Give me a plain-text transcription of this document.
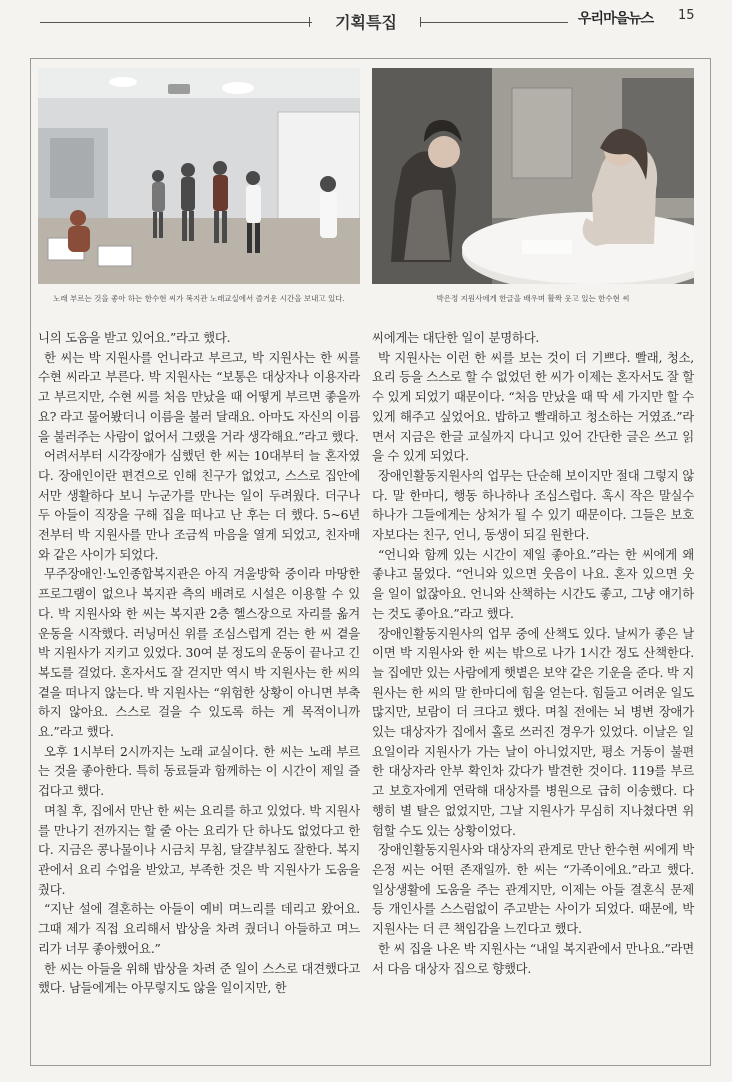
기획특집	우리마을뉴스 15
노래 부르는 것을 좋아 하는 한수현 씨가 복지관 노래교실에서 즐거운 시간을 보내고 있다.	박은정 지원사에게 한글을 배우며 활짝 웃고 있는 한수현 씨

니의 도움을 받고 있어요.”라고 했다.

한 씨는 박 지원사를 언니라고 부르고, 박 지원사는 한 씨를 수현 씨라고 부른다. 박 지원사는 “보통은 대상자나 이용자라고 부르지만, 수현 씨를 처음 만났을 때 어떻게 부르면 좋을까요? 라고 물어봤더니 이름을 불러 달래요. 아마도 자신의 이름을 불러주는 사람이 없어서 그랬을 거라 생각해요.”라고 했다.

어려서부터 시각장애가 심했던 한 씨는 10대부터 늘 혼자였다. 장애인이란 편견으로 인해 친구가 없었고, 스스로 집안에서만 생활하다 보니 누군가를 만나는 일이 두려웠다. 더구나 두 아들이 직장을 구해 집을 떠나고 난 후는 더 했다. 5~6년 전부터 박 지원사를 만나 조금씩 마음을 열게 되었고, 친자매와 같은 사이가 되었다.

무주장애인·노인종합복지관은 아직 겨울방학 중이라 마땅한 프로그램이 없으나 복지관 측의 배려로 시설은 이용할 수 있다. 박 지원사와 한 씨는 복지관 2층 헬스장으로 자리를 옮겨 운동을 시작했다. 러닝머신 위를 조심스럽게 걷는 한 씨 곁을 박 지원사가 지키고 있었다. 30여 분 정도의 운동이 끝나고 긴 복도를 걸었다. 혼자서도 잘 걷지만 역시 박 지원사는 한 씨의 곁을 떠나지 않는다. 박 지원사는 “위험한 상황이 아니면 부축하지 않아요. 스스로 걸을 수 있도록 하는 게 목적이니까요.”라고 했다.

오후 1시부터 2시까지는 노래 교실이다. 한 씨는 노래 부르는 것을 좋아한다. 특히 동료들과 함께하는 이 시간이 제일 즐겁다고 했다.

며칠 후, 집에서 만난 한 씨는 요리를 하고 있었다. 박 지원사를 만나기 전까지는 할 줄 아는 요리가 단 하나도 없었다고 한다. 지금은 콩나물이나 시금치 무침, 달걀부침도 잘한다. 복지관에서 요리 수업을 받았고, 부족한 것은 박 지원사가 도움을 줬다.

“지난 설에 결혼하는 아들이 예비 며느리를 데리고 왔어요. 그때 제가 직접 요리해서 밥상을 차려 줬더니 아들하고 며느리가 너무 좋아했어요.”

한 씨는 아들을 위해 밥상을 차려 준 일이 스스로 대견했다고 했다. 남들에게는 아무렇지도 않을 일이지만, 한

씨에게는 대단한 일이 분명하다.

박 지원사는 이런 한 씨를 보는 것이 더 기쁘다. 빨래, 청소, 요리 등을 스스로 할 수 없었던 한 씨가 이제는 혼자서도 잘 할 수 있게 되었기 때문이다. “처음 만났을 때 딱 세 가지만 할 수 있게 해주고 싶었어요. 밥하고 빨래하고 청소하는 거였죠.”라면서 지금은 한글 교실까지 다니고 있어 간단한 글은 쓰고 읽을 수 있게 되었다.

장애인활동지원사의 업무는 단순해 보이지만 절대 그렇지 않다. 말 한마디, 행동 하나하나 조심스럽다. 혹시 작은 말실수 하나가 그들에게는 상처가 될 수 있기 때문이다. 그들은 보호자보다는 친구, 언니, 동생이 되길 원한다.

“언니와 함께 있는 시간이 제일 좋아요.”라는 한 씨에게 왜 좋냐고 물었다. “언니와 있으면 웃음이 나요. 혼자 있으면 웃을 일이 없잖아요. 언니와 산책하는 시간도 좋고, 그냥 얘기하는 것도 좋아요.”라고 했다.

장애인활동지원사의 업무 중에 산책도 있다. 날씨가 좋은 날이면 박 지원사와 한 씨는 밖으로 나가 1시간 정도 산책한다. 늘 집에만 있는 사람에게 햇볕은 보약 같은 기운을 준다. 박 지원사는 한 씨의 말 한마디에 힘을 얻는다. 힘들고 어려운 일도 많지만, 보람이 더 크다고 했다. 며칠 전에는 뇌 병변 장애가 있는 대상자가 집에서 홀로 쓰러진 경우가 있었다. 이날은 일요일이라 지원사가 가는 날이 아니었지만, 평소 거동이 불편한 대상자라 안부 확인차 갔다가 발견한 것이다. 119를 부르고 보호자에게 연락해 대상자를 병원으로 급히 이송했다. 다행히 별 탈은 없었지만, 그날 지원사가 무심히 지나쳤다면 위험할 수도 있는 상황이었다.

장애인활동지원사와 대상자의 관계로 만난 한수현 씨에게 박은정 씨는 어떤 존재일까. 한 씨는 “가족이에요.”라고 했다. 일상생활에 도움을 주는 관계지만, 이제는 아들 결혼식 문제 등 개인사를 스스럼없이 주고받는 사이가 되었다. 때문에, 박 지원사는 더 큰 책임감을 느낀다고 했다.

한 씨 집을 나온 박 지원사는 “내일 복지관에서 만나요.”라면서 다음 대상자 집으로 향했다.
